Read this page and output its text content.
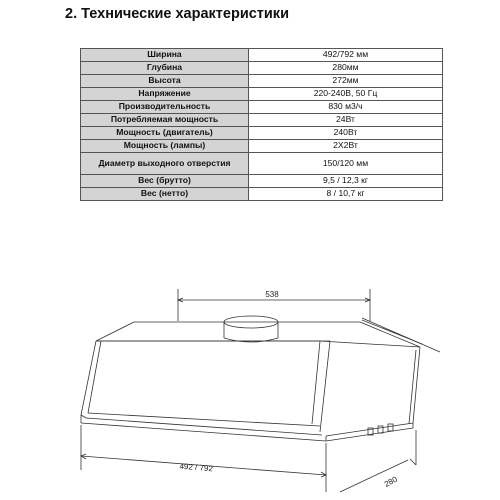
2. Технические характеристики
Ширина	492/792 мм
Глубина	280мм
Высота	272мм
Напряжение	220-240В, 50 Гц
Производительность	830 м3/ч
Потребляемая мощность	24Вт
Мощность (двигатель)	240Вт
Мощность (лампы)	2Х2Вт
Диаметр выходного отверстия	150/120 мм
Вес (брутто)	9,5 / 12,3 кг
Вес (нетто)	8 / 10,7 кг
538
492 / 792
280
